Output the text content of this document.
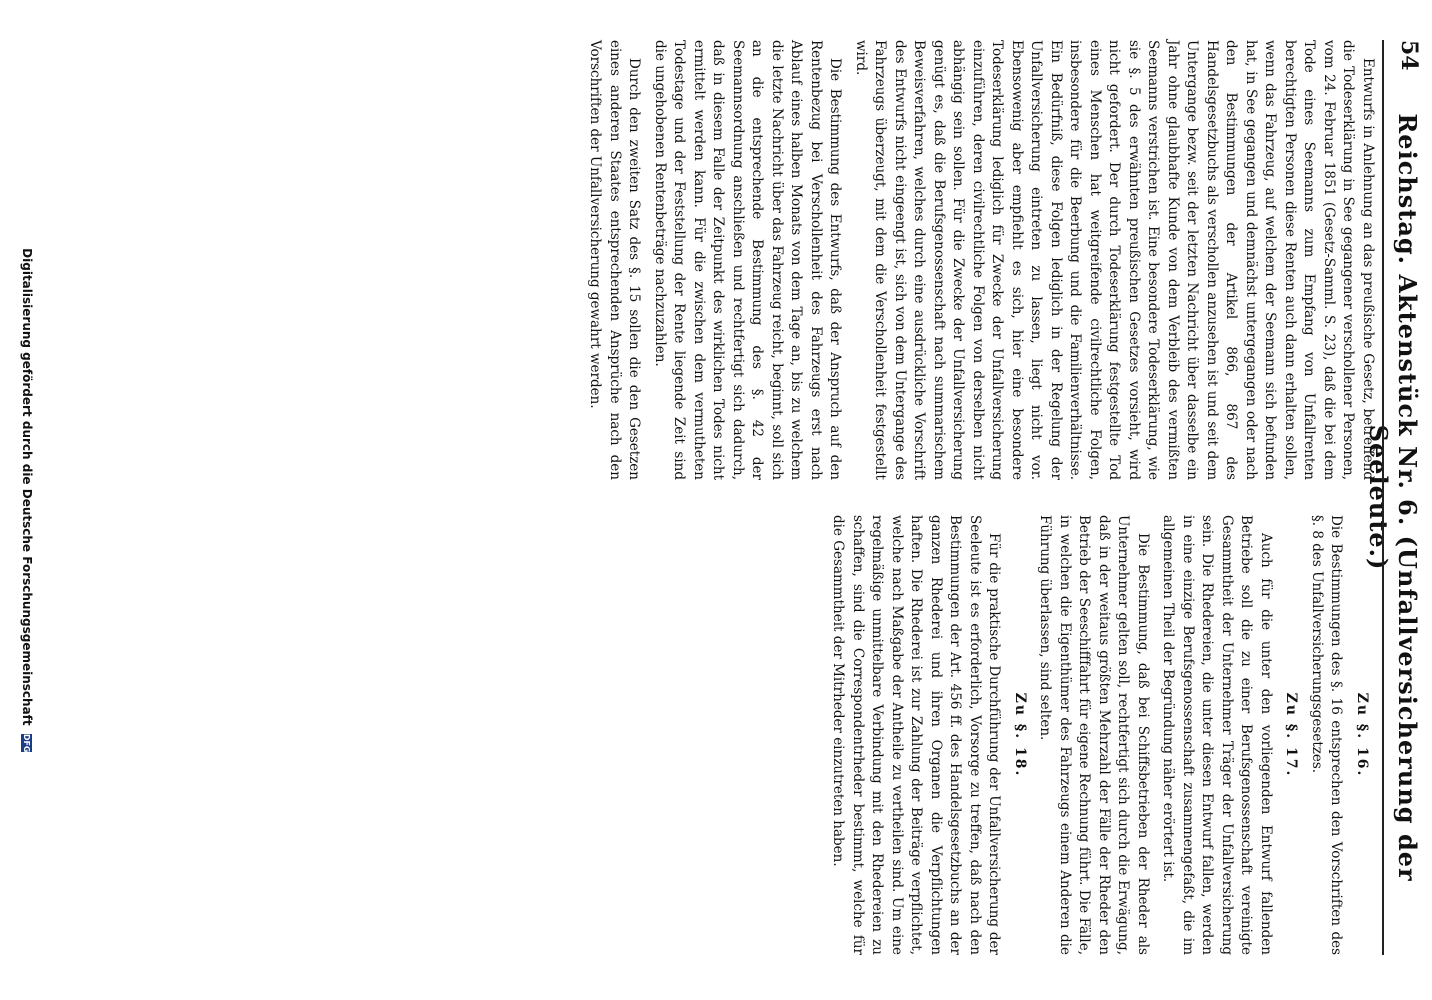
54
Reichstag. Aktenstück Nr. 6. (Unfallversicherung der Seeleute.)

Entwurfs in Anlehnung an das preußische Gesetz, betreffend die Todeserklärung in See gegangener verschollener Personen, vom 24. Februar 1851 (Gesetz-Samml. S. 23), daß die bei dem Tode eines Seemanns zum Empfang von Unfallrenten berechtigten Personen diese Renten auch dann erhalten sollen, wenn das Fahrzeug, auf welchem der Seemann sich befunden hat, in See gegangen und demnächst untergegangen oder nach den Bestimmungen der Artikel 866, 867 des Handelsgesetzbuchs als verschollen anzusehen ist und seit dem Untergange bezw. seit der letzten Nachricht über dasselbe ein Jahr ohne glaubhafte Kunde von dem Verbleib des vermißten Seemanns verstrichen ist. Eine besondere Todeserklärung, wie sie §. 5 des erwähnten preußischen Gesetzes vorsieht, wird nicht gefordert. Der durch Todeserklärung festgestellte Tod eines Menschen hat weitgreifende civilrechtliche Folgen, insbesondere für die Beerbung und die Familienverhältnisse. Ein Bedürfniß, diese Folgen lediglich in der Regelung der Unfallversicherung eintreten zu lassen, liegt nicht vor. Ebensowenig aber empfiehlt es sich, hier eine besondere Todeserklärung lediglich für Zwecke der Unfallversicherung einzuführen, deren civilrechtliche Folgen von derselben nicht abhängig sein sollen. Für die Zwecke der Unfallversicherung genügt es, daß die Berufsgenossenschaft nach summarischem Beweisverfahren, welches durch eine ausdrückliche Vorschrift des Entwurfs nicht eingeengt ist, sich von dem Untergange des Fahrzeugs überzeugt, mit dem die Verschollenheit festgestellt wird.

Die Bestimmung des Entwurfs, daß der Anspruch auf den Rentenbezug bei Verschollenheit des Fahrzeugs erst nach Ablauf eines halben Monats von dem Tage an, bis zu welchem die letzte Nachricht über das Fahrzeug reicht, beginnt, soll sich an die entsprechende Bestimmung des §. 42 der Seemannsordnung anschließen und rechtfertigt sich dadurch, daß in diesem Falle der Zeitpunkt des wirklichen Todes nicht ermittelt werden kann. Für die zwischen dem vermutheten Todestage und der Feststellung der Rente liegende Zeit sind die ungehobenen Rentenbeträge nachzuzahlen.

Durch den zweiten Satz des §. 15 sollen die den Gesetzen eines anderen Staates entsprechenden Ansprüche nach den Vorschriften der Unfallversicherung gewahrt werden.

Zu §. 16.

Die Bestimmungen des §. 16 entsprechen den Vorschriften des §. 8 des Unfallversicherungsgesetzes.

Zu §. 17.

Auch für die unter den vorliegenden Entwurf fallenden Betriebe soll die zu einer Berufsgenossenschaft vereinigte Gesammtheit der Unternehmer Träger der Unfallversicherung sein. Die Rhedereien, die unter diesen Entwurf fallen, werden in eine einzige Berufsgenossenschaft zusammengefaßt, die im allgemeinen Theil der Begründung näher erörtert ist.

Die Bestimmung, daß bei Schiffsbetrieben der Rheder als Unternehmer gelten soll, rechtfertigt sich durch die Erwägung, daß in der weitaus größten Mehrzahl der Fälle der Rheder den Betrieb der Seeschifffahrt für eigene Rechnung führt. Die Fälle, in welchen die Eigenthümer des Fahrzeugs einem Anderen die Führung überlassen, sind selten.

Zu §. 18.

Für die praktische Durchführung der Unfallversicherung der Seeleute ist es erforderlich, Vorsorge zu treffen, daß nach den Bestimmungen der Art. 456 ff. des Handelsgesetzbuchs an der ganzen Rhederei und ihren Organen die Verpflichtungen haften. Die Rhederei ist zur Zahlung der Beiträge verpflichtet, welche nach Maßgabe der Antheile zu vertheilen sind. Um eine regelmäßige unmittelbare Verbindung mit den Rhedereien zu schaffen, sind die Correspondentrheder bestimmt, welche für die Gesammtheit der Mitrheder einzutreten haben.

Digitalisierung gefördert durch die Deutsche Forschungsgemeinschaft
DFG
